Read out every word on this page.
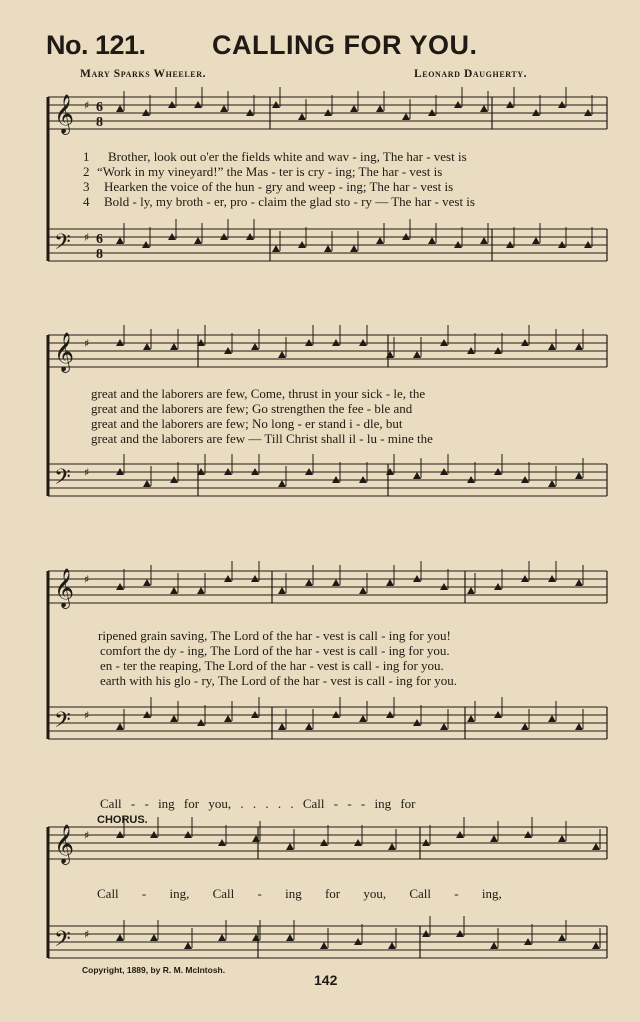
No. 121. CALLING FOR YOU.
Mary Sparks Wheeler.	Leonard Daugherty.
𝄞
𝄢
♯
♯
𝄞
𝄢
♯
♯
𝄞
𝄢
♯
♯
𝄞
𝄢
♯
♯
6
8
6
8
1 Brother, look out o'er the fields white and wav - ing, The har - vest is
2 “Work in my vineyard!” the Mas - ter is cry - ing; The har - vest is
3 Hearken the voice of the hun - gry and weep - ing; The har - vest is
4 Bold - ly, my broth - er, pro - claim the glad sto - ry — The har - vest is
great and the laborers are few, Come, thrust in your sick - le, the
great and the laborers are few; Go strengthen the fee - ble and
great and the laborers are few; No long - er stand i - dle, but
great and the laborers are few — Till Christ shall il - lu - mine the
ripened grain saving, The Lord of the har - vest is call - ing for you!
comfort the dy - ing, The Lord of the har - vest is call - ing for you.
en - ter the reaping, The Lord of the har - vest is call - ing for you.
earth with his glo - ry, The Lord of the har - vest is call - ing for you.
Call - - ing for you, . . . . . Call - - - ing for
CHORUS.
Call - ing, Call - ing for you, Call - ing,
Copyright, 1889, by R. M. McIntosh.
142
